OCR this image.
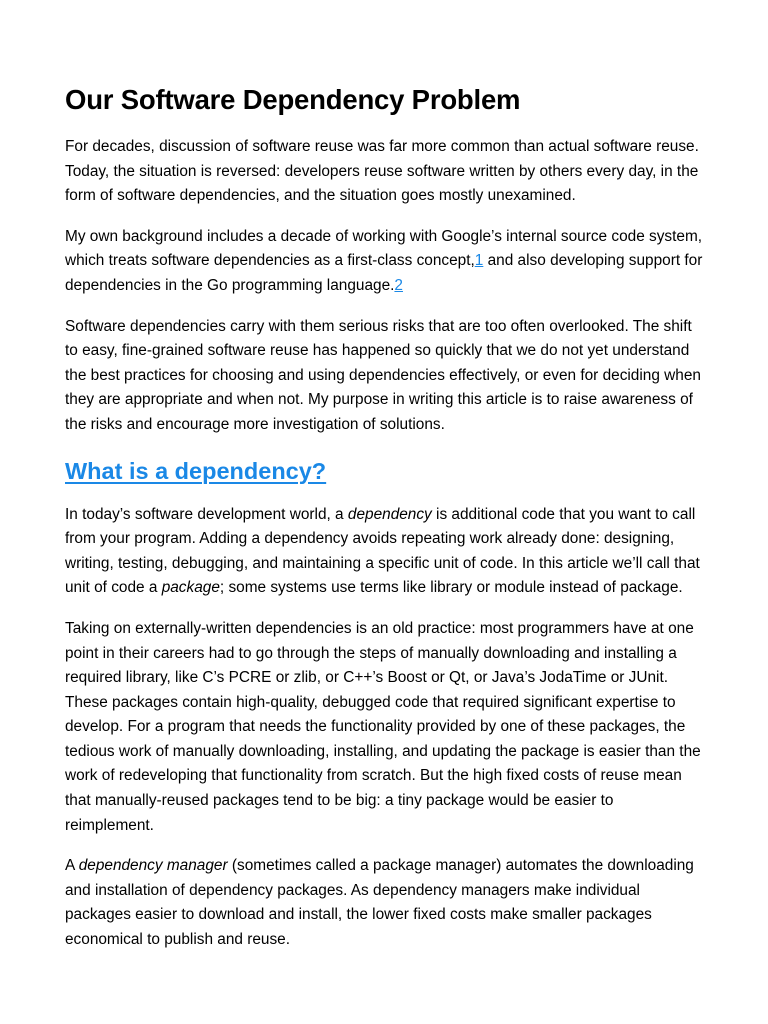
Our Software Dependency Problem

For decades, discussion of software reuse was far more common than actual software reuse. Today, the situation is reversed: developers reuse software written by others every day, in the form of software dependencies, and the situation goes mostly unexamined.

My own background includes a decade of working with Google’s internal source code system, which treats software dependencies as a first-class concept,1 and also developing support for dependencies in the Go programming language.2

Software dependencies carry with them serious risks that are too often overlooked. The shift to easy, fine-grained software reuse has happened so quickly that we do not yet understand the best practices for choosing and using dependencies effectively, or even for deciding when they are appropriate and when not. My purpose in writing this article is to raise awareness of the risks and encourage more investigation of solutions.

What is a dependency?

In today’s software development world, a dependency is additional code that you want to call from your program. Adding a dependency avoids repeating work already done: designing, writing, testing, debugging, and maintaining a specific unit of code. In this article we’ll call that unit of code a package; some systems use terms like library or module instead of package.

Taking on externally-written dependencies is an old practice: most programmers have at one point in their careers had to go through the steps of manually downloading and installing a required library, like C’s PCRE or zlib, or C++’s Boost or Qt, or Java’s JodaTime or JUnit. These packages contain high-quality, debugged code that required significant expertise to develop. For a program that needs the functionality provided by one of these packages, the tedious work of manually downloading, installing, and updating the package is easier than the work of redeveloping that functionality from scratch. But the high fixed costs of reuse mean that manually-reused packages tend to be big: a tiny package would be easier to reimplement.

A dependency manager (sometimes called a package manager) automates the downloading and installation of dependency packages. As dependency managers make individual packages easier to download and install, the lower fixed costs make smaller packages economical to publish and reuse.
